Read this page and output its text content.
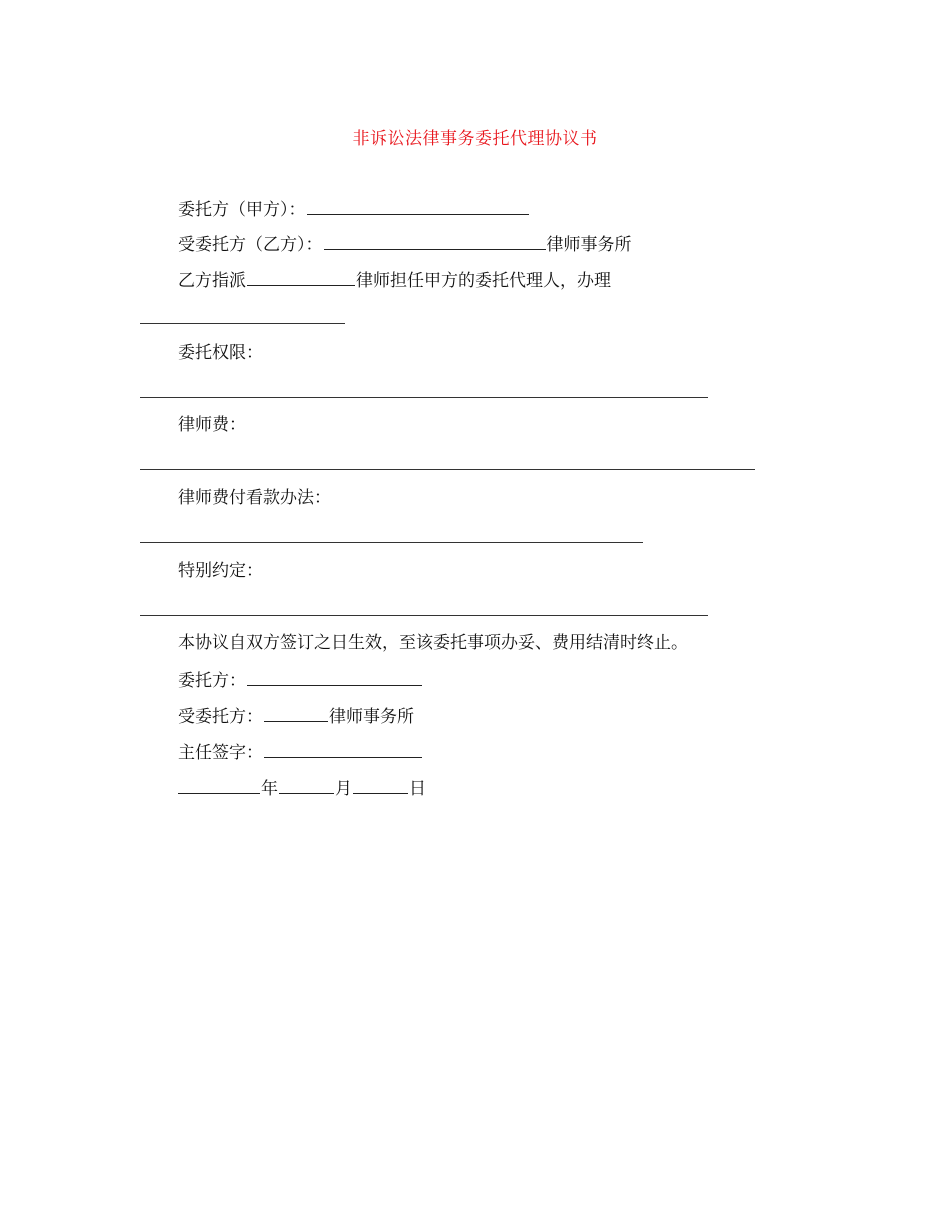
非诉讼法律事务委托代理协议书
委托方（甲方）：
受委托方（乙方）：	律师事务所
乙方指派	律师担任甲方的委托代理人，办理
委托权限：
律师费：
律师费付看款办法：
特别约定：
本协议自双方签订之日生效，至该委托事项办妥、费用结清时终止。
委托方：
受委托方：	律师事务所
主任签字：
年	月	日
